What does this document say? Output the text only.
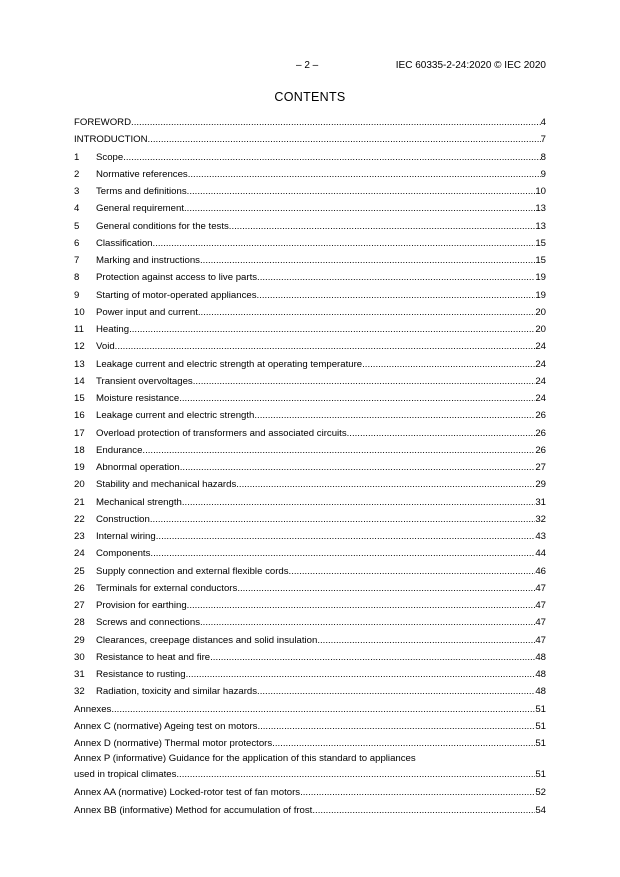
– 2 –	IEC 60335-2-24:2020 © IEC 2020
CONTENTS
FOREWORD .....	4
INTRODUCTION .....	7
1	Scope .....	8
2	Normative references .....	9
3	Terms and definitions .....	10
4	General requirement .....	13
5	General conditions for the tests .....	13
6	Classification .....	15
7	Marking and instructions .....	15
8	Protection against access to live parts .....	19
9	Starting of motor-operated appliances .....	19
10	Power input and current .....	20
11	Heating .....	20
12	Void .....	24
13	Leakage current and electric strength at operating temperature .....	24
14	Transient overvoltages .....	24
15	Moisture resistance .....	24
16	Leakage current and electric strength .....	26
17	Overload protection of transformers and associated circuits .....	26
18	Endurance .....	26
19	Abnormal operation .....	27
20	Stability and mechanical hazards .....	29
21	Mechanical strength .....	31
22	Construction .....	32
23	Internal wiring .....	43
24	Components .....	44
25	Supply connection and external flexible cords .....	46
26	Terminals for external conductors .....	47
27	Provision for earthing .....	47
28	Screws and connections .....	47
29	Clearances, creepage distances and solid insulation .....	47
30	Resistance to heat and fire .....	48
31	Resistance to rusting .....	48
32	Radiation, toxicity and similar hazards .....	48
Annexes .....	51
Annex C (normative) Ageing test on motors .....	51
Annex D (normative) Thermal motor protectors .....	51
Annex P (informative) Guidance for the application of this standard to appliances
used in tropical climates .....	51
Annex AA (normative) Locked-rotor test of fan motors .....	52
Annex BB (informative) Method for accumulation of frost .....	54
